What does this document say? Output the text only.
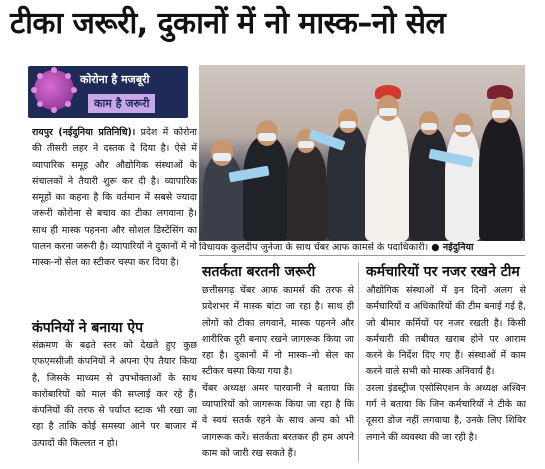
टीका जरूरी, दुकानों में नो मास्क–नो सेल
कोरोना है मजबूरी
काम है जरूरी
रायपुर (नईदुनिया प्रतिनिधि)। प्रदेश में कोरोना की तीसरी लहर ने दस्तक दे दिया है। ऐसे में व्यापारिक समूह और औद्योगिक संस्थाओं के संचालकों ने तैयारी शुरू कर दी है। व्यापारिक समूहों का कहना है कि वर्तमान में सबसे ज्यादा जरूरी कोरोना से बचाव का टीका लगवाना है। साथ ही मास्क पहनना और सोशल डिस्टेंसिंग का पालन करना जरूरी है। व्यापारियों ने दुकानों में नो मास्क-नो सेल का स्टीकर चस्पा कर दिया है।
कंपनियों ने बनाया ऐप
संक्रमण के बढ़ते स्तर को देखते हुए कुछ एफएमसीजी कंपनियों ने अपना ऐप तैयार किया है, जिसके माध्यम से उपभोक्ताओं के साथ कारोबारियों को माल की सप्लाई कर रहे हैं। कंपनियों की तरफ से पर्याप्त स्टाक भी रखा जा रहा है ताकि कोई समस्या आने पर बाजार में उत्पादों की किल्लत न हो।
विधायक कुलदीप जुनेजा के साथ चेंबर आफ कामर्स के पदाधिकारी। ● नईदुनिया
सतर्कता बरतनी जरूरी

छत्तीसगढ़ चेंबर आफ कामर्स की तरफ से प्रदेशभर में मास्क बांटा जा रहा है। साथ ही लोगों को टीका लगवाने, मास्क पहनने और शारीरिक दूरी बनाए रखने जागरूक किया जा रहा है। दुकानों में नो मास्क–नो सेल का स्टीकर चस्पा किया गया है।

चेंबर अध्यक्ष अमर पारवानी ने बताया कि व्यापारियों को जागरूक किया जा रहा है कि वे स्वयं सतर्क रहने के साथ अन्य को भी जागरूक करें। सतर्कता बरतकर ही हम अपने काम को जारी रख सकते हैं।

कर्मचारियों पर नजर रखने टीम

औद्योगिक संस्थाओं में इन दिनों अलग से कर्मचारियों व अधिकारियों की टीम बनाई गई है, जो बीमार कर्मियों पर नजर रखती है। किसी कर्मचारी की तबीयत खराब होने पर आराम करने के निर्देश दिए गए हैं। संस्थाओं में काम करने वाले सभी को मास्क अनिवार्य है।

उरला इंडस्ट्रीज एसोसिएशन के अध्यक्ष अश्विन गर्ग ने बताया कि जिन कर्मचारियों ने टीके का दूसरा डोज नहीं लगवाया है, उनके लिए शिविर लगाने की व्यवस्था की जा रही है।
